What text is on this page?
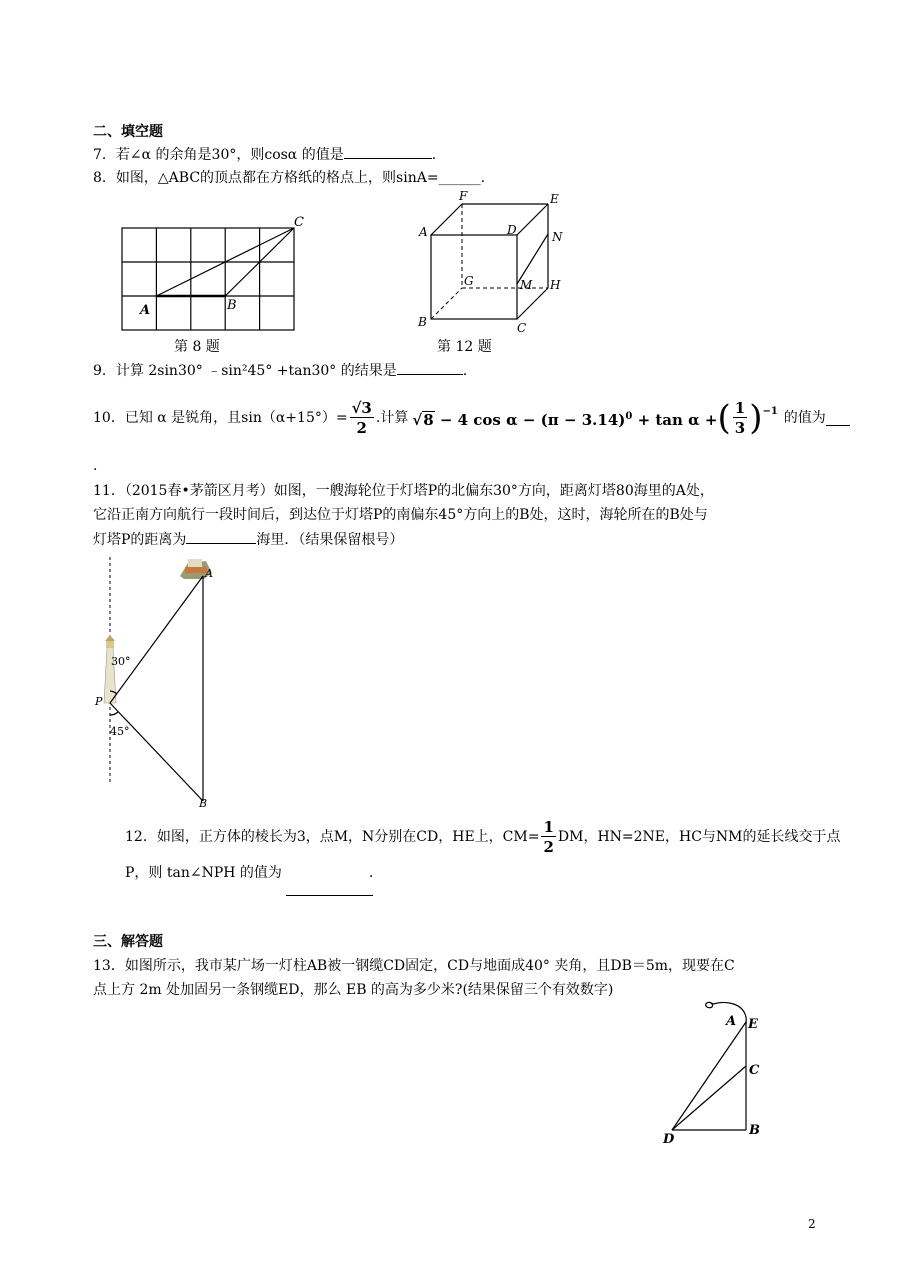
二、填空题
7．若∠α 的余角是30°，则cosα 的值是	.
8．如图，△ABC的顶点都在方格纸的格点上，则sinA=______.
A	B
C
第 8 题
A
B	C
D
E
F
G	H
M
N
第 12 题
9．计算 2sin30° ﹣sin²45° +tan30° 的结果是	.
10．已知 α 是锐角，且$\sin(\alpha+15^\circ)= \frac{√3}{2}$ .计算 √8 − 4 $\cos \alpha - (\pi - 3.14)^0 + \tan \alpha$ + ( $\frac{1}{3} )^{-1}$ 的值为
.
11．（2015春•茅箭区月考）如图，一艘海轮位于灯塔P的北偏东30°方向，距离灯塔80海里的A处，
它沿正南方向航行一段时间后，到达位于灯塔P的南偏东45°方向上的B处，这时，海轮所在的B处与
灯塔P的距离为	海里．（结果保留根号）
A
B
P
30°
45°
12．如图，正方体的棱长为3，点M，N分别在CD，HE上，$CM= \frac{1}{2}$ DM，HN=2NE，HC与NM的延长线交于点
P，则 tan∠NPH 的值为	.
三、解答题
13．如图所示，我市某广场一灯柱AB被一钢缆CD固定，CD与地面成40° 夹角，且DB＝5m，现要在C
点上方 2m 处加固另一条钢缆ED，那么 EB 的高为多少米?(结果保留三个有效数字)
A E
C
B
D
2
